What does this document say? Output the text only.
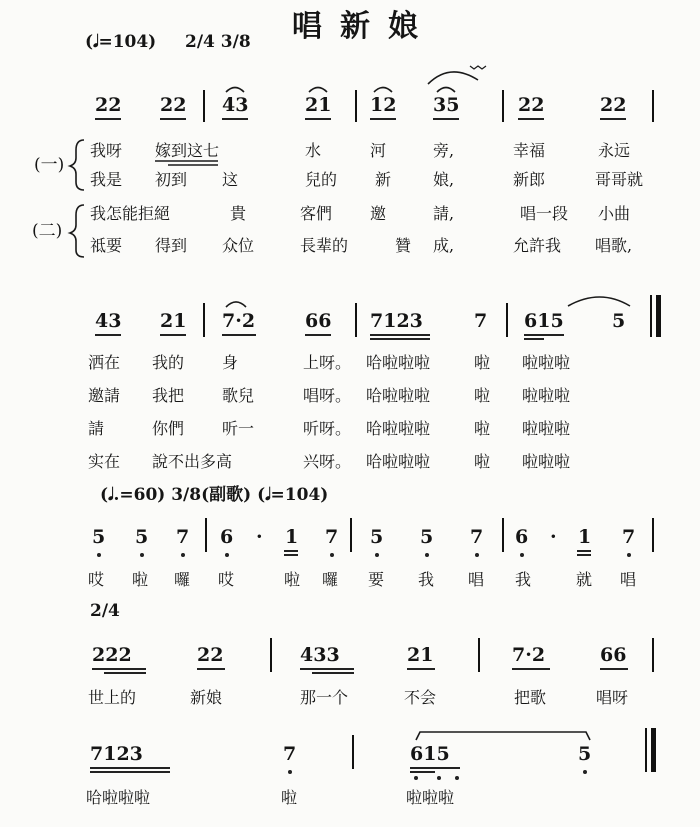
唱新娘
(𝅘𝅥=104) 2/4 3/8
22 22 43	21 12 35	22	22
(一)
(二)
我呀 嫁到这七	水	河	旁,	幸福	永远
我是 初到 这	兒的 新	娘,	新郎	哥哥就
我怎能拒絕	貴	客們 邀	請,	唱一段 小曲
祗要 得到 众位	長辈的	贊 成,	允許我 唱歌,
43 21 7·2	66 7123	7 615	5
洒在 我的 身	上呀。 哈啦啦啦	啦 啦啦啦
邀請 我把 歌兒	唱呀。 哈啦啦啦	啦 啦啦啦
請	你們 听一	听呀。 哈啦啦啦	啦 啦啦啦
实在 說不出多高	兴呀。 哈啦啦啦	啦 啦啦啦
(𝅘𝅥.=60) 3/8(副歌) (𝅘𝅥=104)
5 5 7 6 · 1 7 5 5 7 6 · 1 7
哎 啦 囉 哎	啦 囉 要 我 唱 我	就 唱
2/4
222	22	433	21	7·2	66
世上的	新娘	那一个	不会	把歌	唱呀
7123	7	615	5
哈啦啦啦	啦	啦啦啦
